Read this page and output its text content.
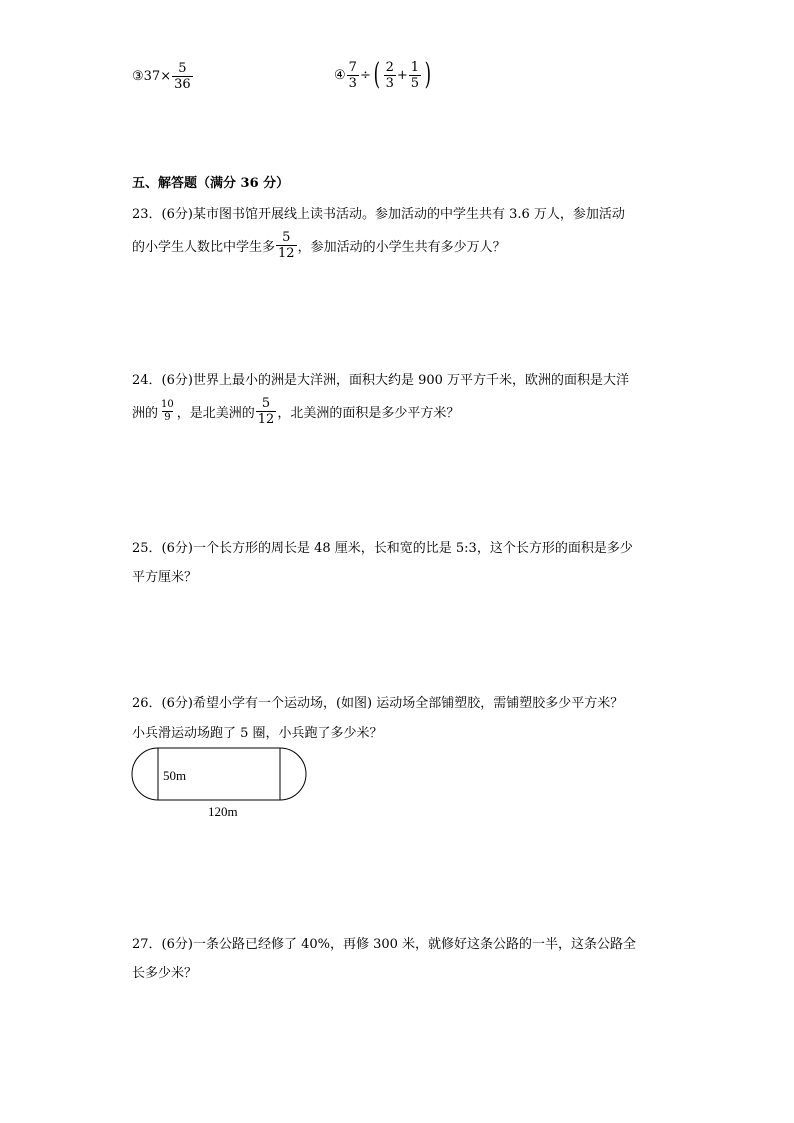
③37× $\frac{5}{36}$	④ $\frac{7}{3}$ ÷ ( $\frac{2}{3} + \frac{1}{5}$ )
五、解答题（满分 36 分）
23．(6分)某市图书馆开展线上读书活动。参加活动的中学生共有 3.6 万人，参加活动
的小学生人数比中学生多 $\frac{5}{12}$ ，参加活动的小学生共有多少万人？
24．(6分)世界上最小的洲是大洋洲，面积大约是 900 万平方千米，欧洲的面积是大洋
洲的 $\frac{10}{9}$ ，是北美洲的 $\frac{5}{12}$ ，北美洲的面积是多少平方米？
25．(6分)一个长方形的周长是 48 厘米，长和宽的比是 5:3，这个长方形的面积是多少
平方厘米？
26．(6分)希望小学有一个运动场，(如图) 运动场全部铺塑胶，需铺塑胶多少平方米？
小兵滑运动场跑了 5 圈，小兵跑了多少米？
50m
120m
27．(6分)一条公路已经修了 40%，再修 300 米，就修好这条公路的一半，这条公路全
长多少米？
